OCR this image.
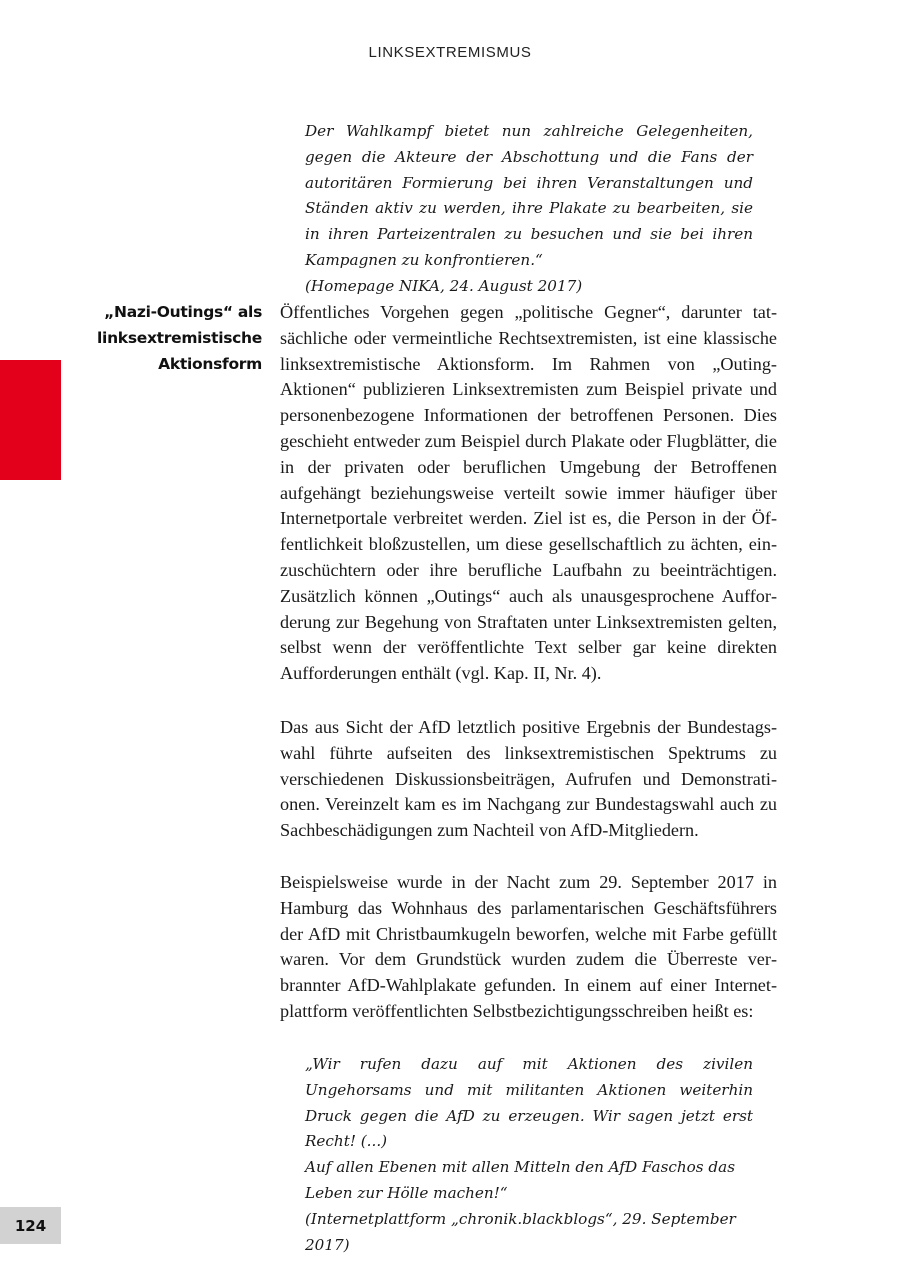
LINKSEXTREMISMUS

Der Wahlkampf bietet nun zahlreiche Gelegenheiten, gegen die Akteure der Abschottung und die Fans der autoritären Formierung bei ihren Veranstaltungen und Ständen aktiv zu werden, ihre Plakate zu bearbeiten, sie in ihren Parteizentralen zu besuchen und sie bei ihren Kampagnen zu konfrontieren.“

(Homepage NIKA, 24. August 2017)

„Nazi-Outings“ als linksextremistische Aktionsform

Öffentliches Vorgehen gegen „politische Gegner“, darunter tatsächliche oder vermeintliche Rechtsextremisten, ist eine klassische linksextremistische Aktionsform. Im Rahmen von „Outing-Aktionen“ publizieren Linksextremisten zum Beispiel private und personenbezogene Informationen der betroffenen Personen. Dies geschieht entweder zum Beispiel durch Plakate oder Flugblätter, die in der privaten oder beruflichen Umgebung der Betroffenen aufgehängt beziehungsweise verteilt sowie immer häufiger über Internetportale verbreitet werden. Ziel ist es, die Person in der Öffentlichkeit bloßzustellen, um diese gesellschaftlich zu ächten, einzuschüchtern oder ihre berufliche Laufbahn zu beeinträchtigen. Zusätzlich können „Outings“ auch als unausgesprochene Aufforderung zur Begehung von Straftaten unter Linksextremisten gelten, selbst wenn der veröffentlichte Text selber gar keine direkten Aufforderungen enthält (vgl. Kap. II, Nr. 4).

Das aus Sicht der AfD letztlich positive Ergebnis der Bundestagswahl führte aufseiten des linksextremistischen Spektrums zu verschiedenen Diskussionsbeiträgen, Aufrufen und Demonstrationen. Vereinzelt kam es im Nachgang zur Bundestagswahl auch zu Sachbeschädigungen zum Nachteil von AfD-Mitgliedern.

Beispielsweise wurde in der Nacht zum 29. September 2017 in Hamburg das Wohnhaus des parlamentarischen Geschäftsführers der AfD mit Christbaumkugeln beworfen, welche mit Farbe gefüllt waren. Vor dem Grundstück wurden zudem die Überreste verbrannter AfD-Wahlplakate gefunden. In einem auf einer Internetplattform veröffentlichten Selbstbezichtigungsschreiben heißt es:

„Wir rufen dazu auf mit Aktionen des zivilen Ungehorsams und mit militanten Aktionen weiterhin Druck gegen die AfD zu erzeugen. Wir sagen jetzt erst Recht! (...)

Auf allen Ebenen mit allen Mitteln den AfD Faschos das Leben zur Hölle machen!“

(Internetplattform „chronik.blackblogs“, 29. September 2017)

124
